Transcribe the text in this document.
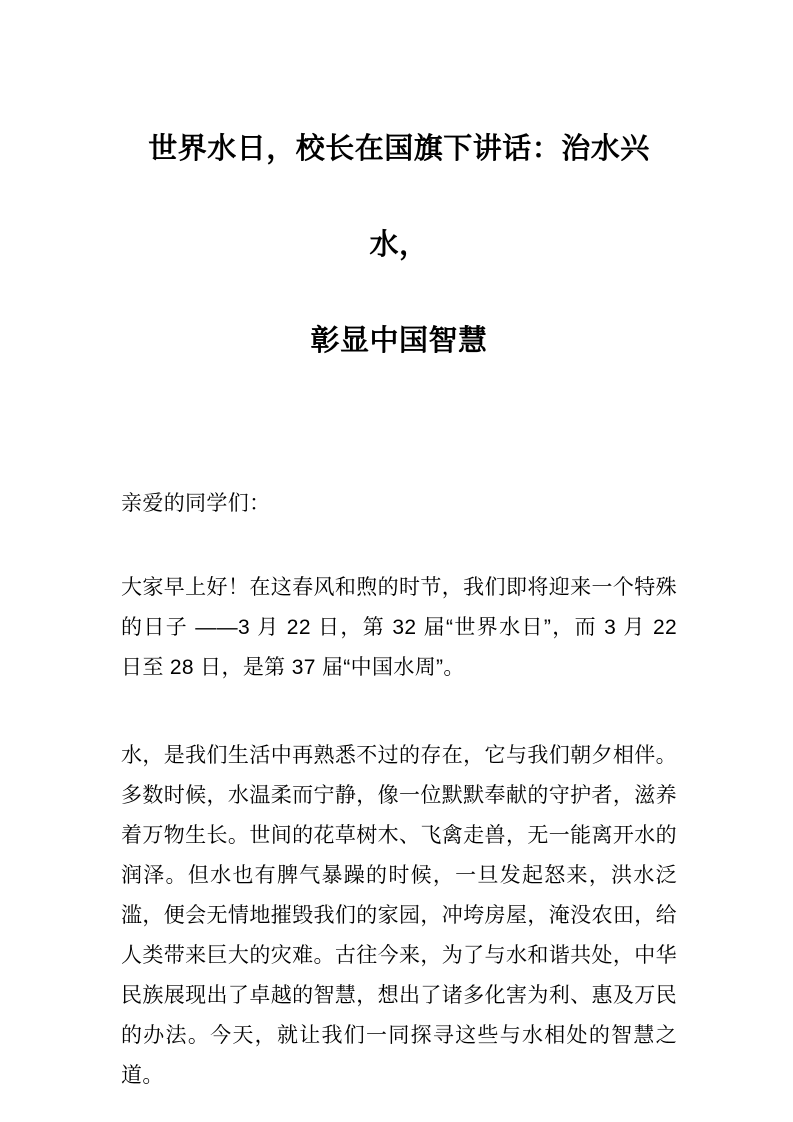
世界水日，校长在国旗下讲话：治水兴水，
彰显中国智慧

亲爱的同学们：

大家早上好！在这春风和煦的时节，我们即将迎来一个特殊的日子 ——3 月 22 日，第 32 届“世界水日”，而 3 月 22 日至 28 日，是第 37 届“中国水周”。

水，是我们生活中再熟悉不过的存在，它与我们朝夕相伴。多数时候，水温柔而宁静，像一位默默奉献的守护者，滋养着万物生长。世间的花草树木、飞禽走兽，无一能离开水的润泽。但水也有脾气暴躁的时候，一旦发起怒来，洪水泛滥，便会无情地摧毁我们的家园，冲垮房屋，淹没农田，给人类带来巨大的灾难。古往今来，为了与水和谐共处，中华民族展现出了卓越的智慧，想出了诸多化害为利、惠及万民的办法。今天，就让我们一同探寻这些与水相处的智慧之道。
